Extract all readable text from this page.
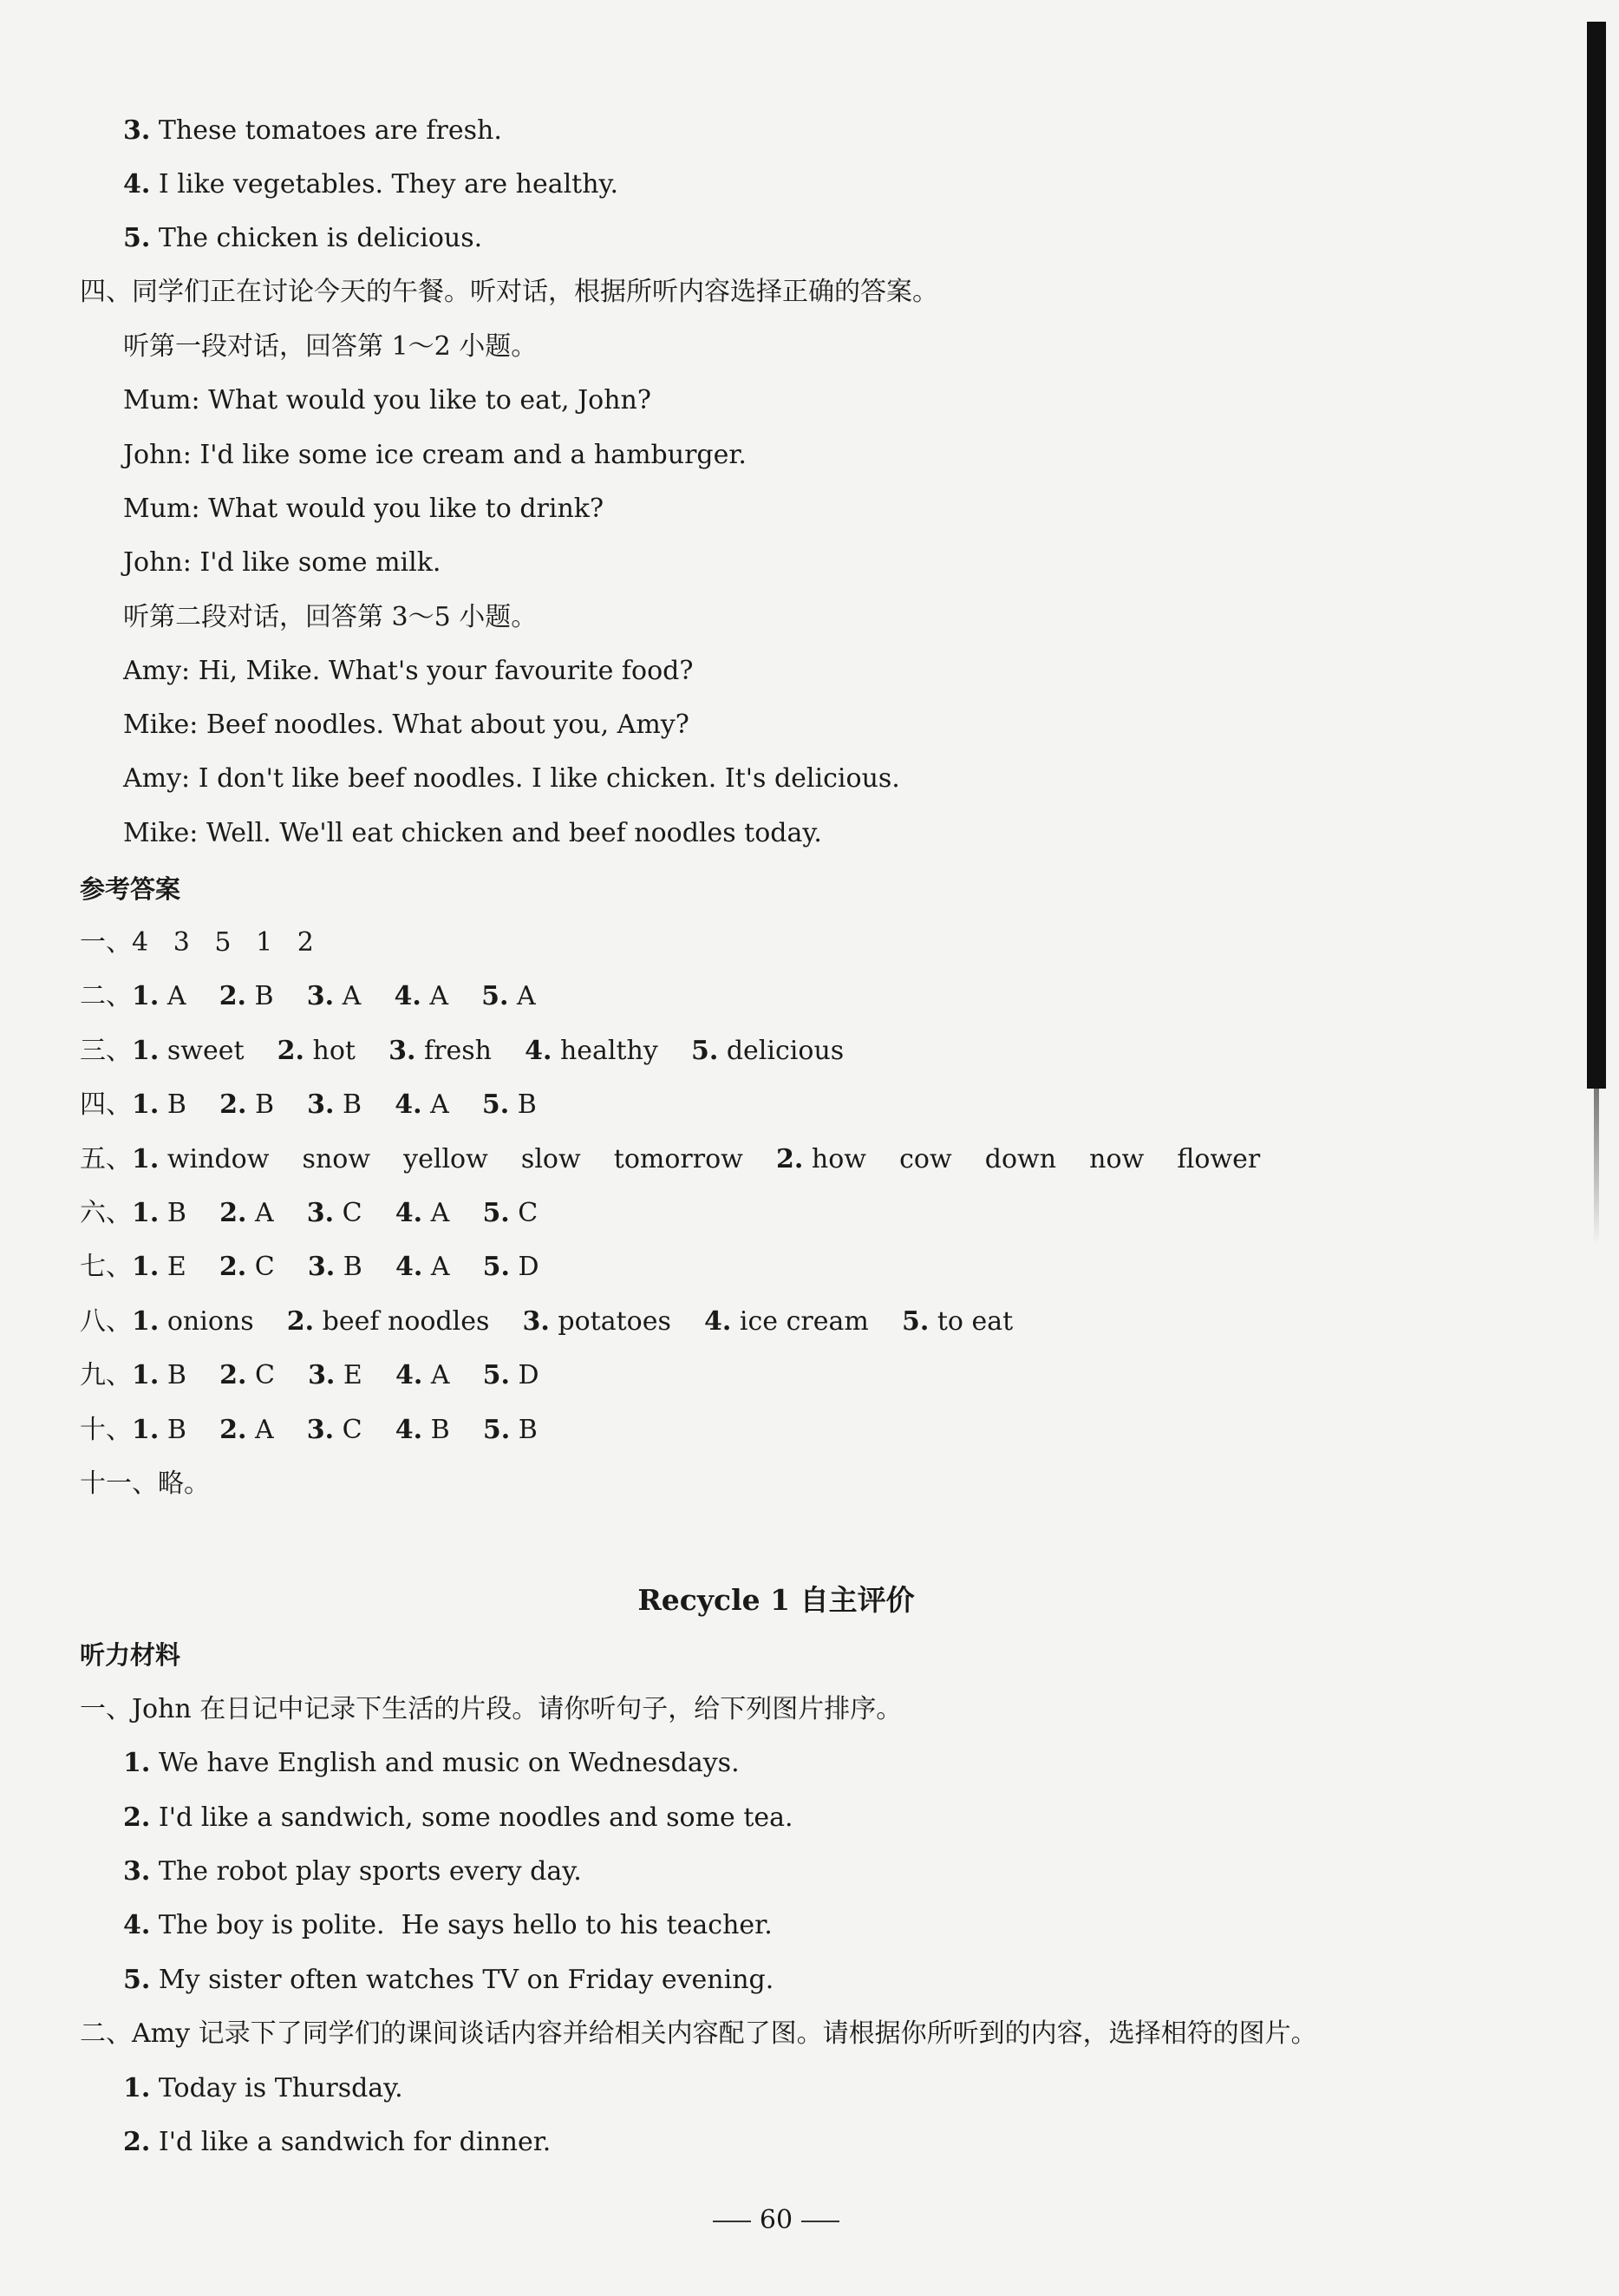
3. These tomatoes are fresh.
4. I like vegetables. They are healthy.
5. The chicken is delicious.
四、同学们正在讨论今天的午餐。听对话，根据所听内容选择正确的答案。
听第一段对话，回答第 1～2 小题。
Mum: What would you like to eat, John?
John: I'd like some ice cream and a hamburger.
Mum: What would you like to drink?
John: I'd like some milk.
听第二段对话，回答第 3～5 小题。
Amy: Hi, Mike. What's your favourite food?
Mike: Beef noodles. What about you, Amy?
Amy: I don't like beef noodles. I like chicken. It's delicious.
Mike: Well. We'll eat chicken and beef noodles today.
参考答案
一、4   3   5   1   2
二、1. A 2. B 3. A 4. A 5. A
三、1. sweet 2. hot 3. fresh 4. healthy 5. delicious
四、1. B 2. B 3. B 4. A 5. B
五、1. window    snow    yellow    slow    tomorrow 2. how    cow    down    now    flower
六、1. B 2. A 3. C 4. A 5. C
七、1. E 2. C 3. B 4. A 5. D
八、1. onions 2. beef noodles 3. potatoes 4. ice cream 5. to eat
九、1. B 2. C 3. E 4. A 5. D
十、1. B 2. A 3. C 4. B 5. B
十一、略。
Recycle 1 自主评价
听力材料
一、John 在日记中记录下生活的片段。请你听句子，给下列图片排序。
1. We have English and music on Wednesdays.
2. I'd like a sandwich, some noodles and some tea.
3. The robot play sports every day.
4. The boy is polite.  He says hello to his teacher.
5. My sister often watches TV on Friday evening.
二、Amy 记录下了同学们的课间谈话内容并给相关内容配了图。请根据你所听到的内容，选择相符的图片。
1. Today is Thursday.
2. I'd like a sandwich for dinner.
60
